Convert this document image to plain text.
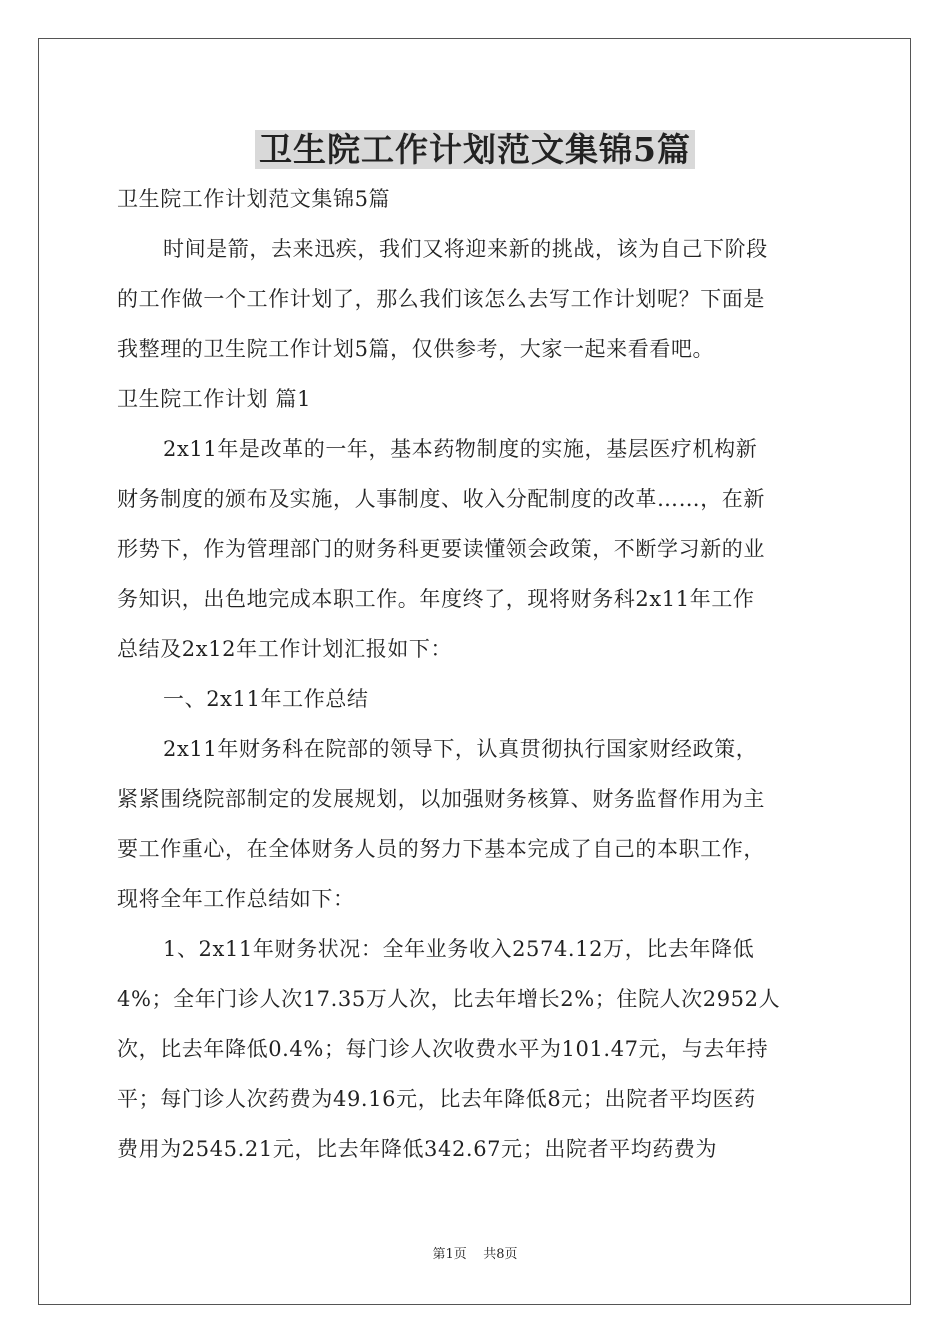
卫生院工作计划范文集锦5篇
卫生院工作计划范文集锦5篇
时间是箭，去来迅疾，我们又将迎来新的挑战，该为自己下阶段
的工作做一个工作计划了，那么我们该怎么去写工作计划呢？下面是
我整理的卫生院工作计划5篇，仅供参考，大家一起来看看吧。
卫生院工作计划 篇1
2x11年是改革的一年，基本药物制度的实施，基层医疗机构新
财务制度的颁布及实施，人事制度、收入分配制度的改革……，在新
形势下，作为管理部门的财务科更要读懂领会政策，不断学习新的业
务知识，出色地完成本职工作。年度终了，现将财务科2x11年工作
总结及2x12年工作计划汇报如下：
一、2x11年工作总结
2x11年财务科在院部的领导下，认真贯彻执行国家财经政策，
紧紧围绕院部制定的发展规划，以加强财务核算、财务监督作用为主
要工作重心，在全体财务人员的努力下基本完成了自己的本职工作，
现将全年工作总结如下：
1、2x11年财务状况：全年业务收入2574.12万，比去年降低
4%；全年门诊人次17.35万人次，比去年增长2%；住院人次2952人
次，比去年降低0.4%；每门诊人次收费水平为101.47元，与去年持
平；每门诊人次药费为49.16元，比去年降低8元；出院者平均医药
费用为2545.21元，比去年降低342.67元；出院者平均药费为
第1页 共8页
